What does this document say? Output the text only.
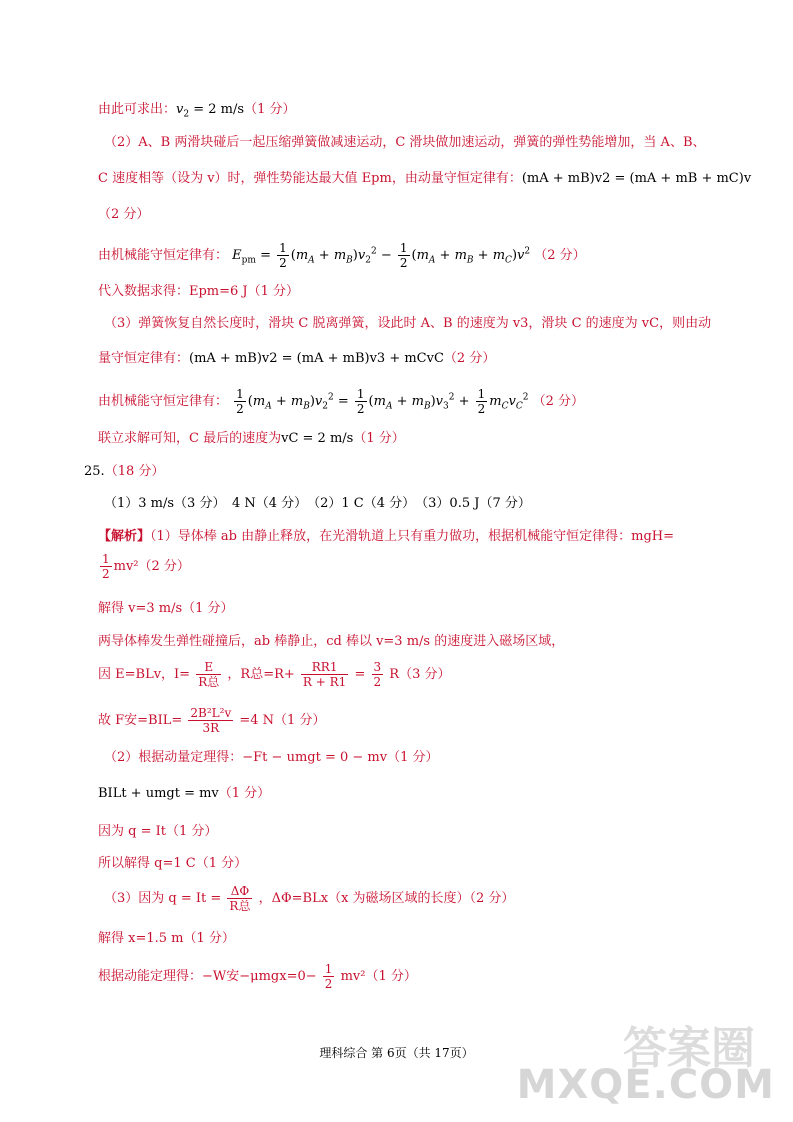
由此可求出：$v_2 = 2$ m/s（1 分）
（2）A、B 两滑块碰后一起压缩弹簧做减速运动，C 滑块做加速运动，弹簧的弹性势能增加，当 A、B、
C 速度相等（设为 v）时，弹性势能达最大值 Epm，由动量守恒定律有：(mA + mB)v2 = (mA + mB + mC)v
（2 分）
由机械能守恒定律有： $E_{pm} = \frac{1}{2} (m_A + m_B)v_2^2 - \frac{1}{2} (m_A + m_B + m_C)v^2$ （2 分）
代入数据求得：Epm=6 J（1 分）
（3）弹簧恢复自然长度时，滑块 C 脱离弹簧，设此时 A、B 的速度为 v3，滑块 C 的速度为 vC，则由动
量守恒定律有：(mA + mB)v2 = (mA + mB)v3 + mCvC（2 分）
由机械能守恒定律有： $\frac{1}{2} (m_A + m_B)v_2^2 = \frac{1}{2} (m_A + m_B)v_3^2 + \frac{1}{2} m_Cv_C^2$ （2 分）
联立求解可知，C 最后的速度为vC = 2 m/s（1 分）
25.（18 分）
（1）3 m/s（3 分）　4 N（4 分）　（2）1 C（4 分）　（3）0.5 J（7 分）
【解析】（1）导体棒 ab 由静止释放，在光滑轨道上只有重力做功，根据机械能守恒定律得：mgH=
$\frac{1}{2} mv^2(2$ 分）
解得 v=3 m/s（1 分）
两导体棒发生弹性碰撞后，ab 棒静止，cd 棒以 v=3 m/s 的速度进入磁场区域，
因 E=BLv，$I= \frac{E}{\text{R总}}$ ，R总$=R+ \frac{RR1}{R + R1} = \frac{3}{2} R(3$ 分）
故 F安$=BIL= \frac{\text{2B²L²v}}{3R} =4$ N（1 分）
（2）根据动量定理得：−Ft − umgt = 0 − mv（1 分）
BILt + umgt = mv（1 分）
因为 q = It（1 分）
所以解得 q=1 C（1 分）
（3）因为 $q = It = \frac{\Delta\Phi}{\text{R总}}$ ，ΔΦ=BLx（x 为磁场区域的长度）（2 分）
解得 x=1.5 m（1 分）
根据动能定理得：−W安$-\mu mgx=0- \frac{1}{2} mv^2(1$ 分）
理科综合 第 6页（共 17页）	答案圈
MXQE.COM
